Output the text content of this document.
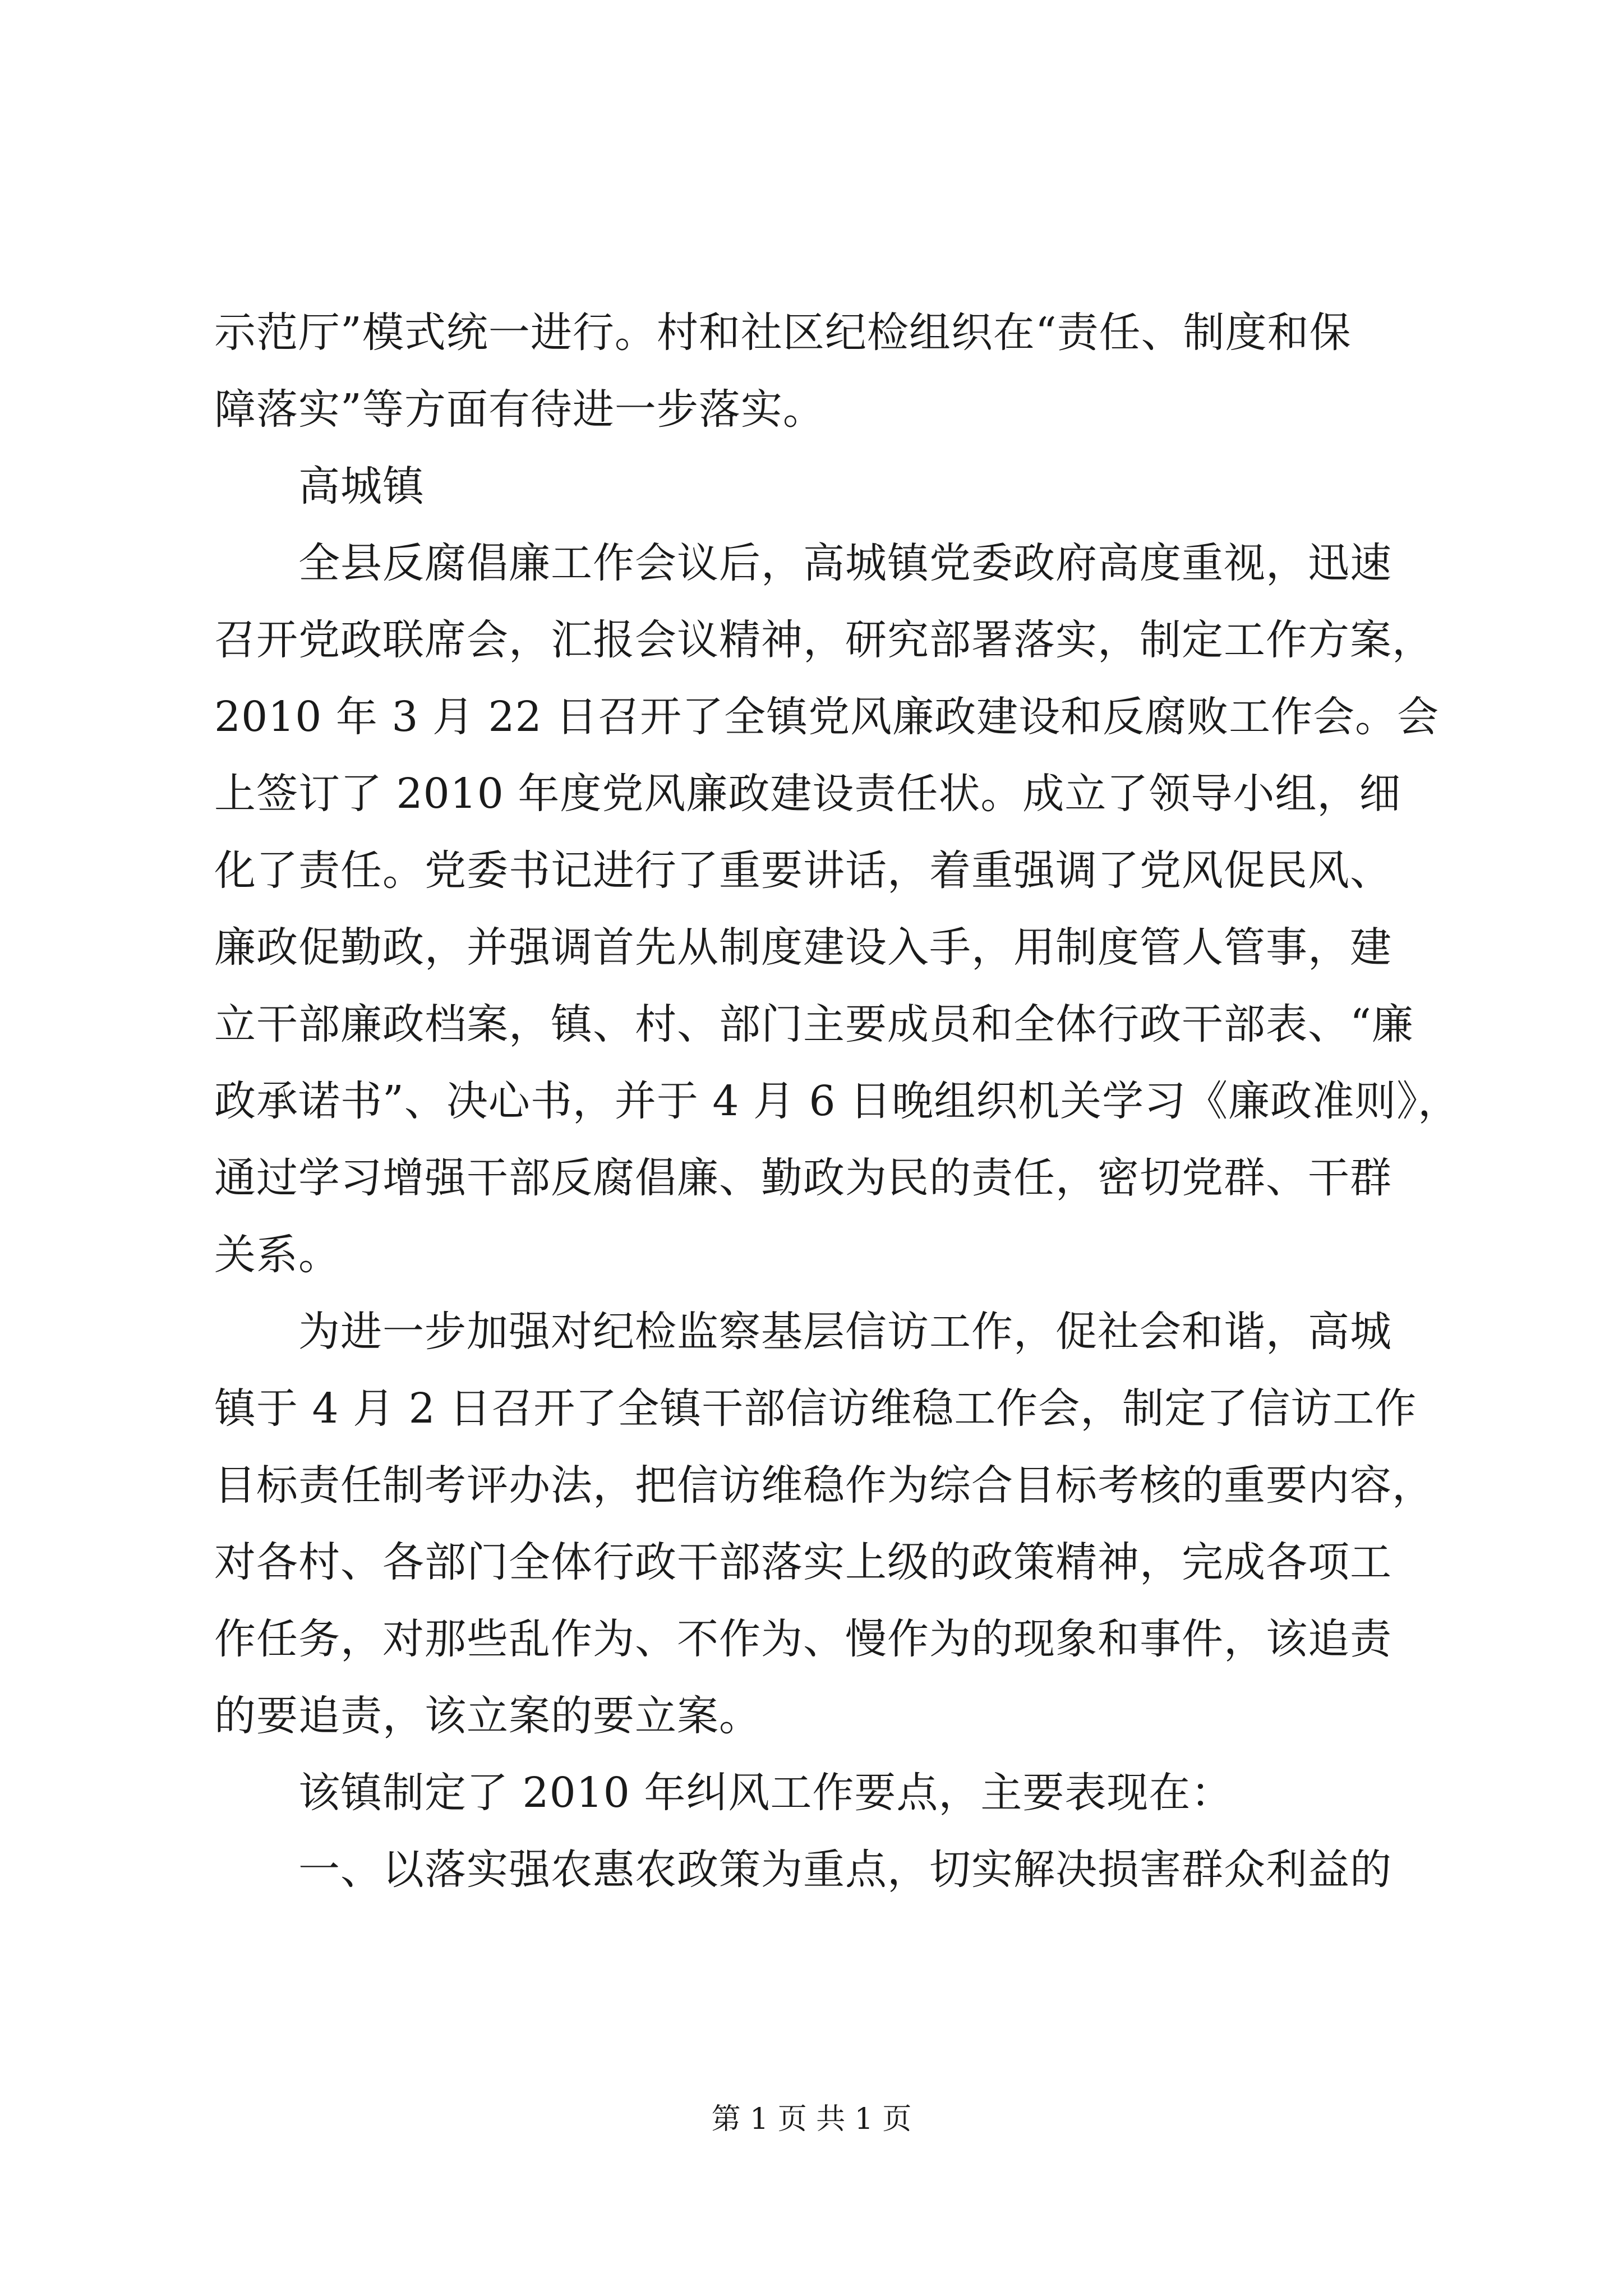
示范厅”模式统一进行。村和社区纪检组织在“责任、制度和保
障落实”等方面有待进一步落实。
　　高城镇
　　全县反腐倡廉工作会议后，高城镇党委政府高度重视，迅速
召开党政联席会，汇报会议精神，研究部署落实，制定工作方案，
2010 年 3 月 22 日召开了全镇党风廉政建设和反腐败工作会。会
上签订了 2010 年度党风廉政建设责任状。成立了领导小组，细
化了责任。党委书记进行了重要讲话，着重强调了党风促民风、
廉政促勤政，并强调首先从制度建设入手，用制度管人管事，建
立干部廉政档案，镇、村、部门主要成员和全体行政干部表、“廉
政承诺书”、决心书，并于 4 月 6 日晚组织机关学习《廉政准则》，
通过学习增强干部反腐倡廉、勤政为民的责任，密切党群、干群
关系。
　　为进一步加强对纪检监察基层信访工作，促社会和谐，高城
镇于 4 月 2 日召开了全镇干部信访维稳工作会，制定了信访工作
目标责任制考评办法，把信访维稳作为综合目标考核的重要内容，
对各村、各部门全体行政干部落实上级的政策精神，完成各项工
作任务，对那些乱作为、不作为、慢作为的现象和事件，该追责
的要追责，该立案的要立案。
　　该镇制定了 2010 年纠风工作要点，主要表现在：
　　一、以落实强农惠农政策为重点，切实解决损害群众利益的
第 1 页 共 1 页
